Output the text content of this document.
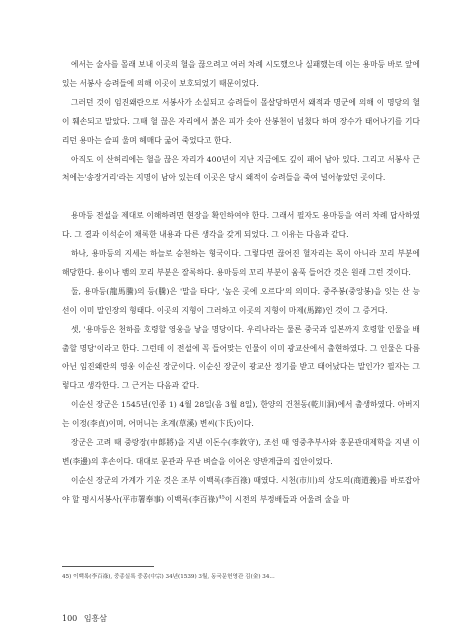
에서는 술사를 몰래 보내 이곳의 혈을 끊으려고 여러 차례 시도했으나 실패했는데 이는 용마등 바로 앞에 있는 서봉사 승려들에 의해 이곳이 보호되었기 때문이었다.

그러던 것이 임진왜란으로 서봉사가 소실되고 승려들이 몰살당하면서 왜적과 명군에 의해 이 명당의 혈이 훼손되고 말았다. 그때 혈 끊은 자리에서 붉은 피가 솟아 산봉천이 넘쳤다 하며 장수가 태어나기를 기다리던 용마는 슬피 울며 헤매다 굶어 죽었다고 한다.

아직도 이 산허리에는 혈을 끊은 자리가 400년이 지난 지금에도 깊이 패어 남아 있다. 그리고 서봉사 근처에는'송장거리'라는 지명이 남아 있는데 이곳은 당시 왜적이 승려들을 죽여 널어놓았던 곳이다.

용마등 전설을 제대로 이해하려면 현장을 확인하여야 한다. 그래서 필자도 용마등을 여러 차례 답사하였다. 그 결과 이석순이 채록한 내용과 다른 생각을 갖게 되었다. 그 이유는 다음과 같다.

하나, 용마등의 지세는 하늘로 승천하는 형국이다. 그렇다면 끊어진 혈자리는 목이 아니라 꼬리 부분에 해당한다. 용이나 뱀의 꼬리 부분은 잘록하다. 용마등의 꼬리 부분이 움푹 들어간 것은 원래 그런 것이다.

둘, 용마등(龍馬騰)의 등(騰)은 '말을 타다', '높은 곳에 오르다'의 의미다. 중주봉(중앙봉)을 잇는 산 능선이 이미 말인장의 형태다. 이곳의 지형이 그러하고 이곳의 지형이 마제(馬蹄)인 것이 그 증거다.

셋, '용마등은 천하를 호령할 영웅을 낳을 명당이다. 우리나라는 물론 중국과 일본까지 호령할 인물을 배출할 명당'이라고 한다. 그런데 이 전설에 꼭 들어맞는 인물이 이미 광교산에서 출현하였다. 그 인물은 다름 아닌 임진왜란의 영웅 이순신 장군이다. 이순신 장군이 광교산 정기를 받고 태어났다는 말인가? 필자는 그렇다고 생각한다. 그 근거는 다음과 같다.

이순신 장군은 1545년(인종 1) 4월 28일(음 3월 8일), 한양의 건천동(乾川洞)에서 출생하였다. 아버지는 이정(李貞)이며, 어머니는 초계(草溪) 변씨(卞氏)이다.

장군은 고려 때 중랑장(中郞將)을 지낸 이돈수(李敦守), 조선 때 영중추부사와 홍문관대제학을 지낸 이변(李邊)의 후손이다. 대대로 문관과 무관 벼슬을 이어온 양반계급의 집안이었다.

이순신 장군의 가계가 기운 것은 조부 이백록(李百祿) 때였다. 시천(市川)의 상도의(商道義)를 바로잡아야 할 평시서봉사(平市署奉事) 이백록(李百祿)$^{45}$이 시전의 부정배들과 어울려 술을 마

45) 이백록(李百祿), 중종실록 중종(中宗) 34년(1539) 3월, 동국문헌영관 김(金) 34...
100 임흥삼
